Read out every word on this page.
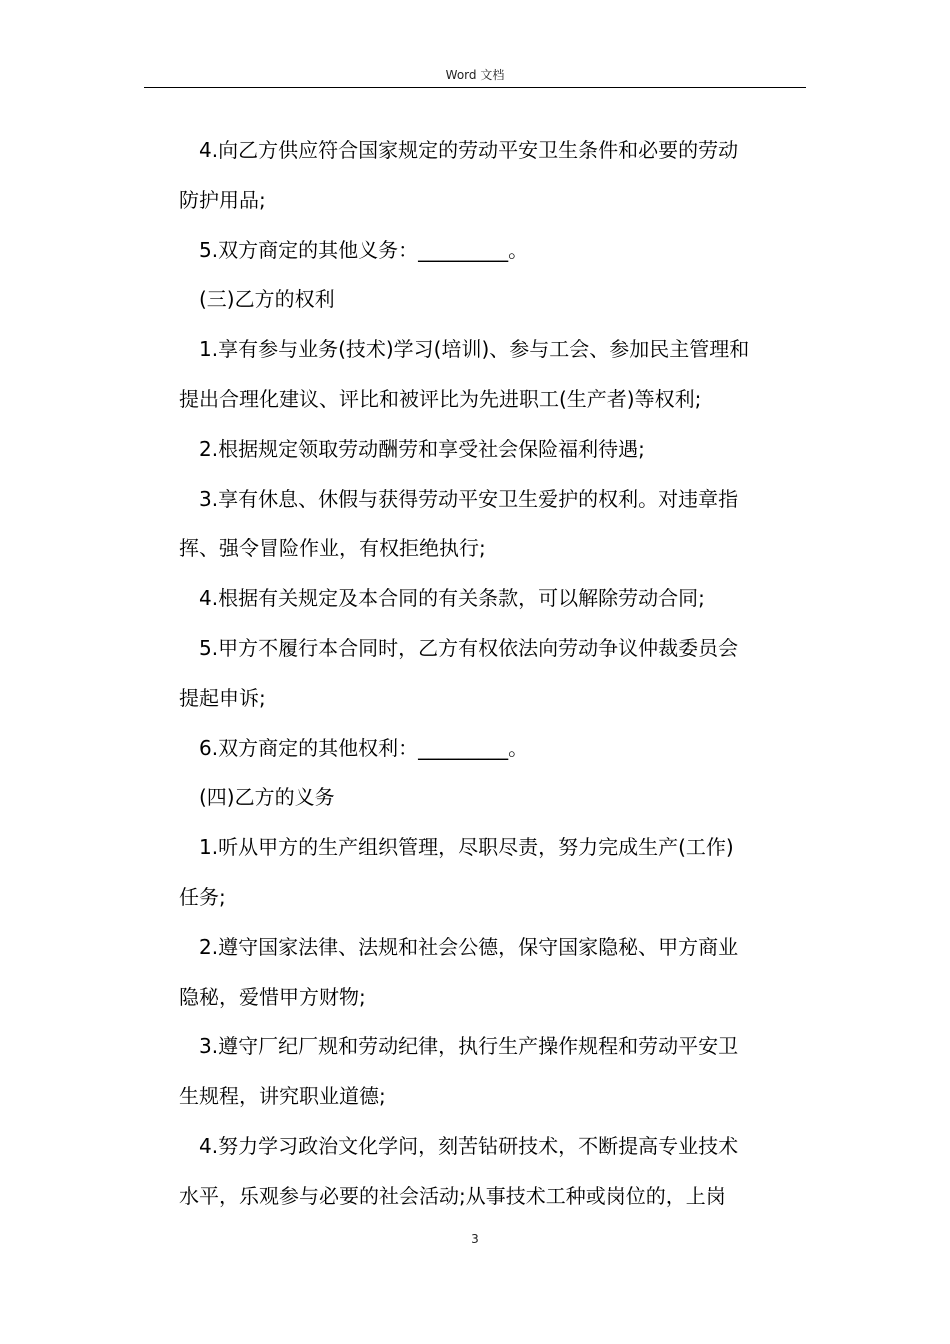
Word 文档

4.向乙方供应符合国家规定的劳动平安卫生条件和必要的劳动

防护用品;

5.双方商定的其他义务：_________。

(三)乙方的权利

1.享有参与业务(技术)学习(培训)、参与工会、参加民主管理和

提出合理化建议、评比和被评比为先进职工(生产者)等权利;

2.根据规定领取劳动酬劳和享受社会保险福利待遇;

3.享有休息、休假与获得劳动平安卫生爱护的权利。对违章指

挥、强令冒险作业，有权拒绝执行;

4.根据有关规定及本合同的有关条款，可以解除劳动合同;

5.甲方不履行本合同时，乙方有权依法向劳动争议仲裁委员会

提起申诉;

6.双方商定的其他权利：_________。

(四)乙方的义务

1.听从甲方的生产组织管理，尽职尽责，努力完成生产(工作)

任务;

2.遵守国家法律、法规和社会公德，保守国家隐秘、甲方商业

隐秘，爱惜甲方财物;

3.遵守厂纪厂规和劳动纪律，执行生产操作规程和劳动平安卫

生规程，讲究职业道德;

4.努力学习政治文化学问，刻苦钻研技术，不断提高专业技术

水平，乐观参与必要的社会活动;从事技术工种或岗位的，上岗

3
